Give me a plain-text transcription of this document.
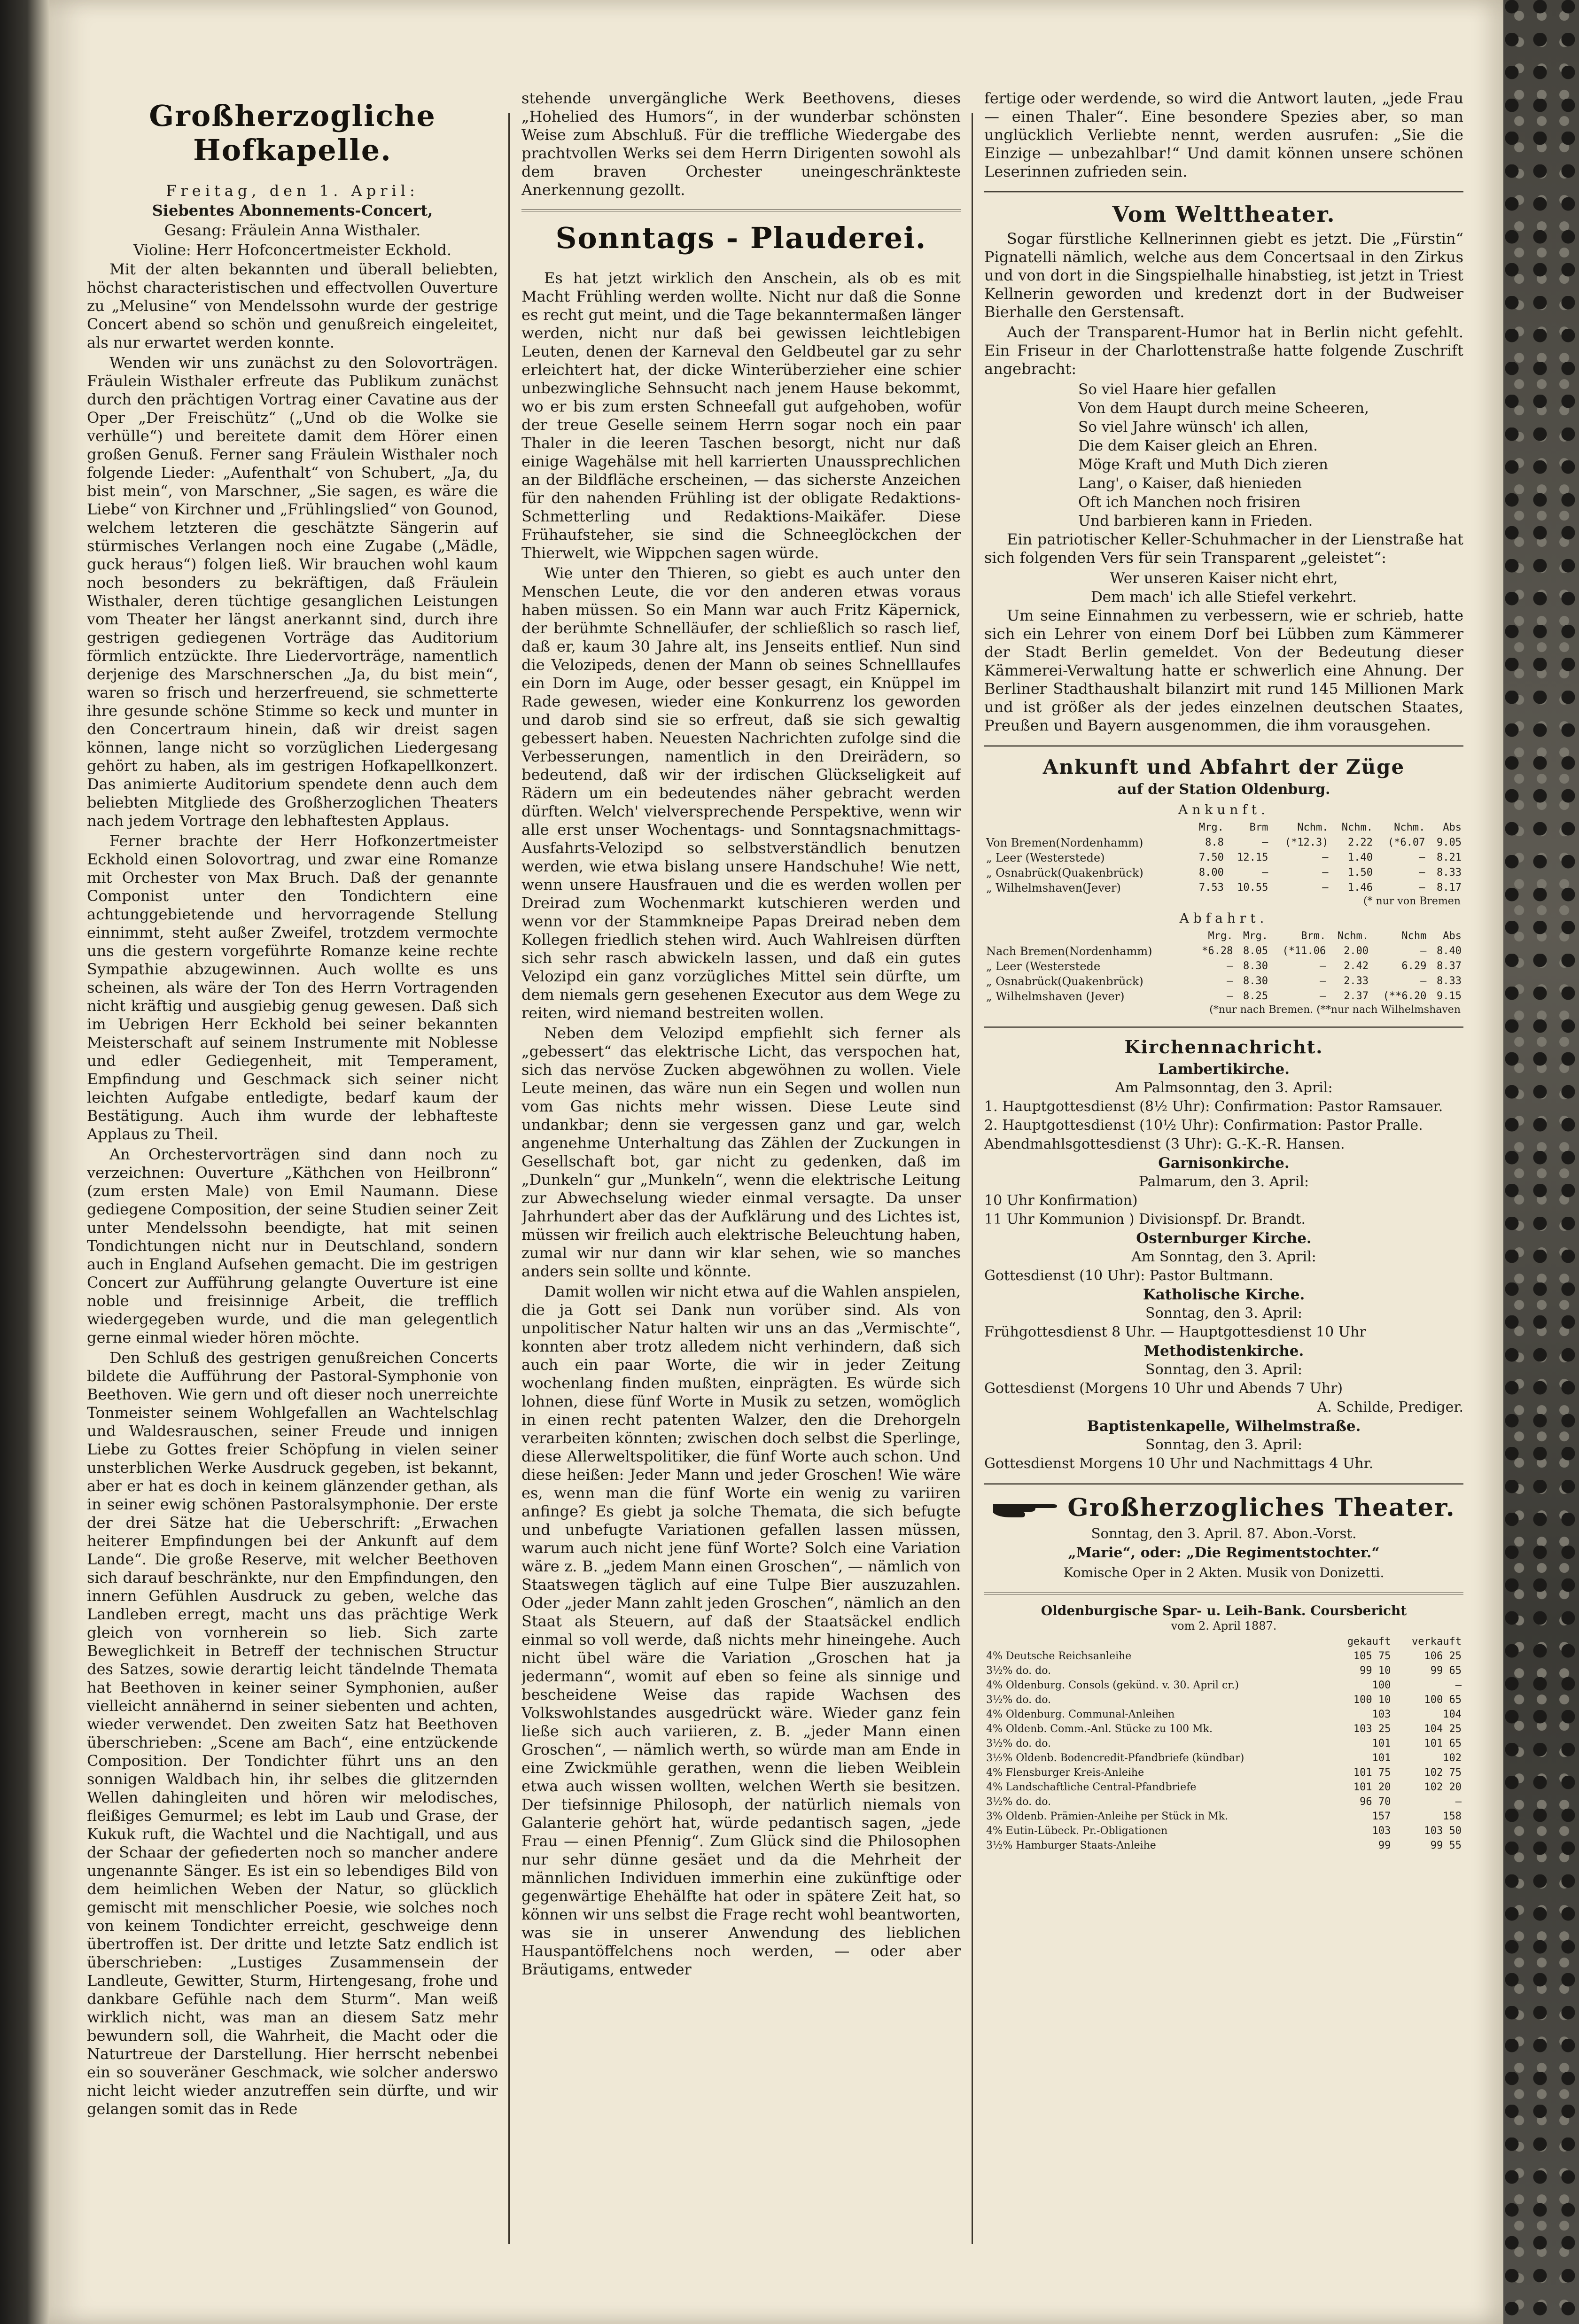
Großherzogliche Hofkapelle.

Freitag, den 1. April:

Siebentes Abonnements-Concert,

Gesang: Fräulein Anna Wisthaler.

Violine: Herr Hofconcertmeister Eckhold.

Mit der alten bekannten und überall beliebten, höchst characteristischen und effectvollen Ouverture zu „Melusine“ von Mendelssohn wurde der gestrige Concert abend so schön und genußreich eingeleitet, als nur erwartet werden konnte.

Wenden wir uns zunächst zu den Solovorträgen. Fräulein Wisthaler erfreute das Publikum zunächst durch den prächtigen Vortrag einer Cavatine aus der Oper „Der Freischütz“ („Und ob die Wolke sie verhülle“) und bereitete damit dem Hörer einen großen Genuß. Ferner sang Fräulein Wisthaler noch folgende Lieder: „Aufenthalt“ von Schubert, „Ja, du bist mein“, von Marschner, „Sie sagen, es wäre die Liebe“ von Kirchner und „Frühlingslied“ von Gounod, welchem letzteren die geschätzte Sängerin auf stürmisches Verlangen noch eine Zugabe („Mädle, guck heraus“) folgen ließ. Wir brauchen wohl kaum noch besonders zu bekräftigen, daß Fräulein Wisthaler, deren tüchtige gesanglichen Leistungen vom Theater her längst anerkannt sind, durch ihre gestrigen gediegenen Vorträge das Auditorium förmlich entzückte. Ihre Liedervorträge, namentlich derjenige des Marschnerschen „Ja, du bist mein“, waren so frisch und herzerfreuend, sie schmetterte ihre gesunde schöne Stimme so keck und munter in den Concertraum hinein, daß wir dreist sagen können, lange nicht so vorzüglichen Liedergesang gehört zu haben, als im gestrigen Hofkapellkonzert. Das animierte Auditorium spendete denn auch dem beliebten Mitgliede des Großherzoglichen Theaters nach jedem Vortrage den lebhaftesten Applaus.

Ferner brachte der Herr Hofkonzertmeister Eckhold einen Solovortrag, und zwar eine Romanze mit Orchester von Max Bruch. Daß der genannte Componist unter den Tondichtern eine achtunggebietende und hervorragende Stellung einnimmt, steht außer Zweifel, trotzdem vermochte uns die gestern vorgeführte Romanze keine rechte Sympathie abzugewinnen. Auch wollte es uns scheinen, als wäre der Ton des Herrn Vortragenden nicht kräftig und ausgiebig genug gewesen. Daß sich im Uebrigen Herr Eckhold bei seiner bekannten Meisterschaft auf seinem Instrumente mit Noblesse und edler Gediegenheit, mit Temperament, Empfindung und Geschmack sich seiner nicht leichten Aufgabe entledigte, bedarf kaum der Bestätigung. Auch ihm wurde der lebhafteste Applaus zu Theil.

An Orchestervorträgen sind dann noch zu verzeichnen: Ouverture „Käthchen von Heilbronn“ (zum ersten Male) von Emil Naumann. Diese gediegene Composition, der seine Studien seiner Zeit unter Mendelssohn beendigte, hat mit seinen Tondichtungen nicht nur in Deutschland, sondern auch in England Aufsehen gemacht. Die im gestrigen Concert zur Aufführung gelangte Ouverture ist eine noble und freisinnige Arbeit, die trefflich wiedergegeben wurde, und die man gelegentlich gerne einmal wieder hören möchte.

Den Schluß des gestrigen genußreichen Concerts bildete die Aufführung der Pastoral-Symphonie von Beethoven. Wie gern und oft dieser noch unerreichte Tonmeister seinem Wohlgefallen an Wachtelschlag und Waldesrauschen, seiner Freude und innigen Liebe zu Gottes freier Schöpfung in vielen seiner unsterblichen Werke Ausdruck gegeben, ist bekannt, aber er hat es doch in keinem glänzender gethan, als in seiner ewig schönen Pastoralsymphonie. Der erste der drei Sätze hat die Ueberschrift: „Erwachen heiterer Empfindungen bei der Ankunft auf dem Lande“. Die große Reserve, mit welcher Beethoven sich darauf beschränkte, nur den Empfindungen, den innern Gefühlen Ausdruck zu geben, welche das Landleben erregt, macht uns das prächtige Werk gleich von vornherein so lieb. Sich zarte Beweglichkeit in Betreff der technischen Structur des Satzes, sowie derartig leicht tändelnde Themata hat Beethoven in keiner seiner Symphonien, außer vielleicht annähernd in seiner siebenten und achten, wieder verwendet. Den zweiten Satz hat Beethoven überschrieben: „Scene am Bach“, eine entzückende Composition. Der Tondichter führt uns an den sonnigen Waldbach hin, ihr selbes die glitzernden Wellen dahingleiten und hören wir melodisches, fleißiges Gemurmel; es lebt im Laub und Grase, der Kukuk ruft, die Wachtel und die Nachtigall, und aus der Schaar der gefiederten noch so mancher andere ungenannte Sänger. Es ist ein so lebendiges Bild von dem heimlichen Weben der Natur, so glücklich gemischt mit menschlicher Poesie, wie solches noch von keinem Tondichter erreicht, geschweige denn übertroffen ist. Der dritte und letzte Satz endlich ist überschrieben: „Lustiges Zusammensein der Landleute, Gewitter, Sturm, Hirtengesang, frohe und dankbare Gefühle nach dem Sturm“. Man weiß wirklich nicht, was man an diesem Satz mehr bewundern soll, die Wahrheit, die Macht oder die Naturtreue der Darstellung. Hier herrscht nebenbei ein so souveräner Geschmack, wie solcher anderswo nicht leicht wieder anzutreffen sein dürfte, und wir gelangen somit das in Rede

stehende unvergängliche Werk Beethovens, dieses „Hohelied des Humors“, in der wunderbar schönsten Weise zum Abschluß. Für die treffliche Wiedergabe des prachtvollen Werks sei dem Herrn Dirigenten sowohl als dem braven Orchester uneingeschränkteste Anerkennung gezollt.

Sonntags - Plauderei.

Es hat jetzt wirklich den Anschein, als ob es mit Macht Frühling werden wollte. Nicht nur daß die Sonne es recht gut meint, und die Tage bekanntermaßen länger werden, nicht nur daß bei gewissen leichtlebigen Leuten, denen der Karneval den Geldbeutel gar zu sehr erleichtert hat, der dicke Winterüberzieher eine schier unbezwingliche Sehnsucht nach jenem Hause bekommt, wo er bis zum ersten Schneefall gut aufgehoben, wofür der treue Geselle seinem Herrn sogar noch ein paar Thaler in die leeren Taschen besorgt, nicht nur daß einige Wagehälse mit hell karrierten Unaussprechlichen an der Bildfläche erscheinen, — das sicherste Anzeichen für den nahenden Frühling ist der obligate Redaktions-Schmetterling und Redaktions-Maikäfer. Diese Frühaufsteher, sie sind die Schneeglöckchen der Thierwelt, wie Wippchen sagen würde.

Wie unter den Thieren, so giebt es auch unter den Menschen Leute, die vor den anderen etwas voraus haben müssen. So ein Mann war auch Fritz Käpernick, der berühmte Schnelläufer, der schließlich so rasch lief, daß er, kaum 30 Jahre alt, ins Jenseits entlief. Nun sind die Velozipeds, denen der Mann ob seines Schnelllaufes ein Dorn im Auge, oder besser gesagt, ein Knüppel im Rade gewesen, wieder eine Konkurrenz los geworden und darob sind sie so erfreut, daß sie sich gewaltig gebessert haben. Neuesten Nachrichten zufolge sind die Verbesserungen, namentlich in den Dreirädern, so bedeutend, daß wir der irdischen Glückseligkeit auf Rädern um ein bedeutendes näher gebracht werden dürften. Welch' vielversprechende Perspektive, wenn wir alle erst unser Wochentags- und Sonntagsnachmittags-Ausfahrts-Velozipd so selbstverständlich benutzen werden, wie etwa bislang unsere Handschuhe! Wie nett, wenn unsere Hausfrauen und die es werden wollen per Dreirad zum Wochenmarkt kutschieren werden und wenn vor der Stammkneipe Papas Dreirad neben dem Kollegen friedlich stehen wird. Auch Wahlreisen dürften sich sehr rasch abwickeln lassen, und daß ein gutes Velozipd ein ganz vorzügliches Mittel sein dürfte, um dem niemals gern gesehenen Executor aus dem Wege zu reiten, wird niemand bestreiten wollen.

Neben dem Velozipd empfiehlt sich ferner als „gebessert“ das elektrische Licht, das verspochen hat, sich das nervöse Zucken abgewöhnen zu wollen. Viele Leute meinen, das wäre nun ein Segen und wollen nun vom Gas nichts mehr wissen. Diese Leute sind undankbar; denn sie vergessen ganz und gar, welch angenehme Unterhaltung das Zählen der Zuckungen in Gesellschaft bot, gar nicht zu gedenken, daß im „Dunkeln“ gur „Munkeln“, wenn die elektrische Leitung zur Abwechselung wieder einmal versagte. Da unser Jahrhundert aber das der Aufklärung und des Lichtes ist, müssen wir freilich auch elektrische Beleuchtung haben, zumal wir nur dann wir klar sehen, wie so manches anders sein sollte und könnte.

Damit wollen wir nicht etwa auf die Wahlen anspielen, die ja Gott sei Dank nun vorüber sind. Als von unpolitischer Natur halten wir uns an das „Vermischte“, konnten aber trotz alledem nicht verhindern, daß sich auch ein paar Worte, die wir in jeder Zeitung wochenlang finden mußten, einprägten. Es würde sich lohnen, diese fünf Worte in Musik zu setzen, womöglich in einen recht patenten Walzer, den die Drehorgeln verarbeiten könnten; zwischen doch selbst die Sperlinge, diese Allerweltspolitiker, die fünf Worte auch schon. Und diese heißen: Jeder Mann und jeder Groschen! Wie wäre es, wenn man die fünf Worte ein wenig zu variiren anfinge? Es giebt ja solche Themata, die sich befugte und unbefugte Variationen gefallen lassen müssen, warum auch nicht jene fünf Worte? Solch eine Variation wäre z. B. „jedem Mann einen Groschen“, — nämlich von Staatswegen täglich auf eine Tulpe Bier auszuzahlen. Oder „jeder Mann zahlt jeden Groschen“, nämlich an den Staat als Steuern, auf daß der Staatsäckel endlich einmal so voll werde, daß nichts mehr hineingehe. Auch nicht übel wäre die Variation „Groschen hat ja jedermann“, womit auf eben so feine als sinnige und bescheidene Weise das rapide Wachsen des Volkswohlstandes ausgedrückt wäre. Wieder ganz fein ließe sich auch variieren, z. B. „jeder Mann einen Groschen“, — nämlich werth, so würde man am Ende in eine Zwickmühle gerathen, wenn die lieben Weiblein etwa auch wissen wollten, welchen Werth sie besitzen. Der tiefsinnige Philosoph, der natürlich niemals von Galanterie gehört hat, würde pedantisch sagen, „jede Frau — einen Pfennig“. Zum Glück sind die Philosophen nur sehr dünne gesäet und da die Mehrheit der männlichen Individuen immerhin eine zukünftige oder gegenwärtige Ehehälfte hat oder in spätere Zeit hat, so können wir uns selbst die Frage recht wohl beantworten, was sie in unserer Anwendung des lieblichen Hauspantöffelchens noch werden, — oder aber Bräutigams, entweder

fertige oder werdende, so wird die Antwort lauten, „jede Frau — einen Thaler“. Eine besondere Spezies aber, so man unglücklich Verliebte nennt, werden ausrufen: „Sie die Einzige — unbezahlbar!“ Und damit können unsere schönen Leserinnen zufrieden sein.

Vom Welttheater.

Sogar fürstliche Kellnerinnen giebt es jetzt. Die „Fürstin“ Pignatelli nämlich, welche aus dem Concertsaal in den Zirkus und von dort in die Singspielhalle hinabstieg, ist jetzt in Triest Kellnerin geworden und kredenzt dort in der Budweiser Bierhalle den Gerstensaft.

Auch der Transparent-Humor hat in Berlin nicht gefehlt. Ein Friseur in der Charlottenstraße hatte folgende Zuschrift angebracht:

So viel Haare hier gefallen

Von dem Haupt durch meine Scheeren,

So viel Jahre wünsch' ich allen,

Die dem Kaiser gleich an Ehren.

Möge Kraft und Muth Dich zieren

Lang', o Kaiser, daß hienieden

Oft ich Manchen noch frisiren

Und barbieren kann in Frieden.

Ein patriotischer Keller-Schuhmacher in der Lienstraße hat sich folgenden Vers für sein Transparent „geleistet“:

Wer unseren Kaiser nicht ehrt,

Dem mach' ich alle Stiefel verkehrt.

Um seine Einnahmen zu verbessern, wie er schrieb, hatte sich ein Lehrer von einem Dorf bei Lübben zum Kämmerer der Stadt Berlin gemeldet. Von der Bedeutung dieser Kämmerei-Verwaltung hatte er schwerlich eine Ahnung. Der Berliner Stadthaushalt bilanzirt mit rund 145 Millionen Mark und ist größer als der jedes einzelnen deutschen Staates, Preußen und Bayern ausgenommen, die ihm vorausgehen.

Ankunft und Abfahrt der Züge
auf der Station Oldenburg.

Ankunft.

	Mrg.	Brm	Nchm.	Nchm.	Nchm.	Abs
Von Bremen(Nordenhamm)	8.8	—	(*12.3)	2.22	(*6.07	9.05
„ Leer (Westerstede)	7.50	12.15	—	1.40	—	8.21
„ Osnabrück(Quakenbrück)	8.00	—	—	1.50	—	8.33
„ Wilhelmshaven(Jever)	7.53	10.55	—	1.46	—	8.17

(* nur von Bremen

Abfahrt.

	Mrg.	Mrg.	Brm.	Nchm.	Nchm	Abs
Nach Bremen(Nordenhamm)	*6.28	8.05	(*11.06	2.00	—	8.40
„ Leer (Westerstede	—	8.30	—	2.42	6.29	8.37
„ Osnabrück(Quakenbrück)	—	8.30	—	2.33	—	8.33
„ Wilhelmshaven (Jever)	—	8.25	—	2.37	(**6.20	9.15

(*nur nach Bremen. (**nur nach Wilhelmshaven

Kirchennachricht.

Lambertikirche.

Am Palmsonntag, den 3. April:

1. Hauptgottesdienst (8½ Uhr): Confirmation: Pastor Ramsauer.

2. Hauptgottesdienst (10½ Uhr): Confirmation: Pastor Pralle.

Abendmahlsgottesdienst (3 Uhr): G.-K.-R. Hansen.

Garnisonkirche.

Palmarum, den 3. April:

10 Uhr Konfirmation)

11 Uhr Kommunion ) Divisionspf. Dr. Brandt.

Osternburger Kirche.

Am Sonntag, den 3. April:

Gottesdienst (10 Uhr): Pastor Bultmann.

Katholische Kirche.

Sonntag, den 3. April:

Frühgottesdienst 8 Uhr. — Hauptgottesdienst 10 Uhr

Methodistenkirche.

Sonntag, den 3. April:

Gottesdienst (Morgens 10 Uhr und Abends 7 Uhr)

A. Schilde, Prediger.

Baptistenkapelle, Wilhelmstraße.

Sonntag, den 3. April:

Gottesdienst Morgens 10 Uhr und Nachmittags 4 Uhr.

Großherzogliches Theater.

Sonntag, den 3. April. 87. Abon.-Vorst.

„Marie“, oder: „Die Regimentstochter.“

Komische Oper in 2 Akten. Musik von Donizetti.

Oldenburgische Spar- u. Leih-Bank. Coursbericht

vom 2. April 1887.

	gekauft	verkauft
4% Deutsche Reichsanleihe	105 75	106 25
3½% do. do.	99 10	99 65
4% Oldenburg. Consols (gekünd. v. 30. April cr.)	100	—
3½% do. do.	100 10	100 65
4% Oldenburg. Communal-Anleihen	103	104
4% Oldenb. Comm.-Anl. Stücke zu 100 Mk.	103 25	104 25
3½% do. do.	101	101 65
3½% Oldenb. Bodencredit-Pfandbriefe (kündbar)	101	102
4% Flensburger Kreis-Anleihe	101 75	102 75
4% Landschaftliche Central-Pfandbriefe	101 20	102 20
3½% do. do.	96 70	—
3% Oldenb. Prämien-Anleihe per Stück in Mk.	157	158
4% Eutin-Lübeck. Pr.-Obligationen	103	103 50
3½% Hamburger Staats-Anleihe	99	99 55
